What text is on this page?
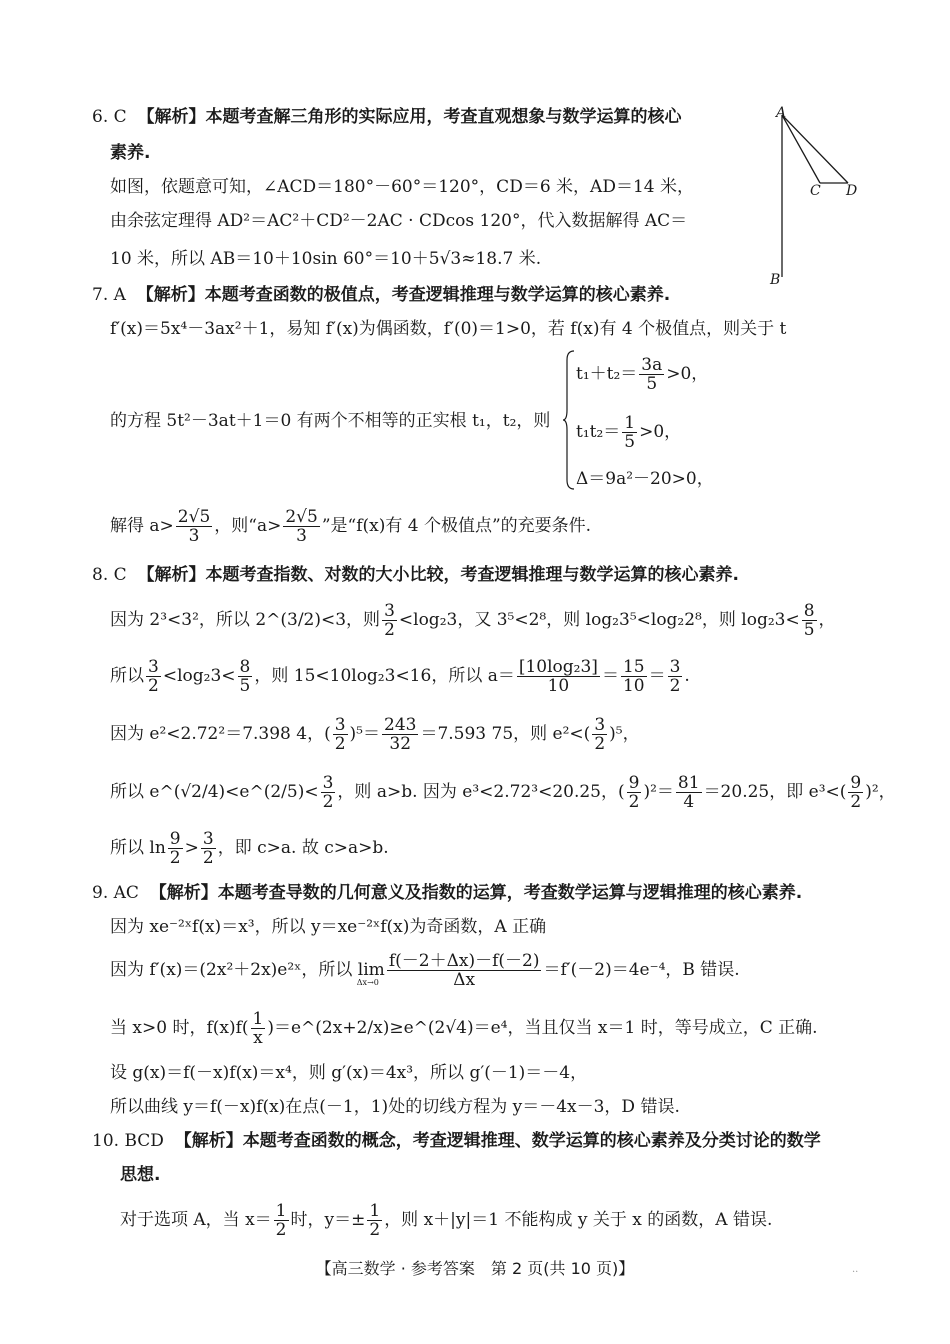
6. C 【解析】本题考查解三角形的实际应用，考查直观想象与数学运算的核心
素养.
如图，依题意可知，∠ACD＝180°－60°＝120°，CD＝6 米，AD＝14 米，
由余弦定理得 AD²＝AC²＋CD²－2AC · CDcos 120°，代入数据解得 AC＝
10 米，所以 AB＝10＋10sin 60°＝10＋5√3≈18.7 米.
A
B
C D
7. A 【解析】本题考查函数的极值点，考查逻辑推理与数学运算的核心素养.
f′(x)＝5x⁴－3ax²＋1，易知 f′(x)为偶函数，f′(0)＝1>0，若 f(x)有 4 个极值点，则关于 t
的方程 5t²－3at＋1＝0 有两个不相等的正实根 t₁，t₂，则
$t_1+t_2= \frac{3a}{5} >0$，
$t_1t_2= \frac{1}{5} >0$，
Δ＝9a²－20>0，
解得 $a> \frac{2√5}{3}$ ，则“$a> \frac{2√5}{3}$ ”是“f(x)有 4 个极值点”的充要条件.
8. C 【解析】本题考查指数、对数的大小比较，考查逻辑推理与数学运算的核心素养.
因为 2³<3²，所以 2^(3/2)<3，则 $\frac{3}{2} <\log_23$，又 3⁵<2⁸，则 log₂3⁵<log₂2⁸，则 $\log_23< \frac{8}{5}$ ，
所以 $\frac{3}{2} <\log_23< \frac{8}{5}$ ，则 15<10log₂3<16，所以 $a= \frac{\text{[10log₂3]}}{10} = \frac{15}{10} = \frac{3}{2}$ .
因为 e²<2.72²＝7.398 4，( $\frac{3}{2} )^5= \frac{243}{32} =7.593$ 75，则 $e^2<( \frac{3}{2} )^5$，
所以 e^(√2/4)<e^(2/5)< $\frac{3}{2}$ ，则 a>b. 因为 e³<2.72³<20.25，( $\frac{9}{2} )^2= \frac{81}{4} =20.25$，即 $e^3<( \frac{9}{2} )^2$，
所以 $\ln \frac{9}{2} > \frac{3}{2}$ ，即 c>a. 故 c>a>b.
9. AC 【解析】本题考查导数的几何意义及指数的运算，考查数学运算与逻辑推理的核心素养.
因为 xe⁻²ˣf(x)＝x³，所以 y＝xe⁻²ˣf(x)为奇函数，A 正确
因为 f′(x)＝(2x²＋2x)e²ˣ，所以 $\lim\Delta x\to 0 \frac{f(-2+\Delta x)-f(-2)}{\Delta x} =f'(-2)=4e^{-4}$，B 错误.
当 x>0 时，$f(x)f( \frac{1}{x}$ )＝e^(2x+2/x)≥e^(2√4)＝e⁴，当且仅当 x＝1 时，等号成立，C 正确.
设 g(x)＝f(－x)f(x)＝x⁴，则 g′(x)＝4x³，所以 g′(－1)＝－4，
所以曲线 y＝f(－x)f(x)在点(－1，1)处的切线方程为 y＝－4x－3，D 错误.
10. BCD 【解析】本题考查函数的概念，考查逻辑推理、数学运算的核心素养及分类讨论的数学
思想.
对于选项 A，当 $x= \frac{1}{2}$ 时，$y=\pm \frac{1}{2}$ ，则 x＋|y|＝1 不能构成 y 关于 x 的函数，A 错误.
【高三数学 · 参考答案　第 2 页(共 10 页)】	..
